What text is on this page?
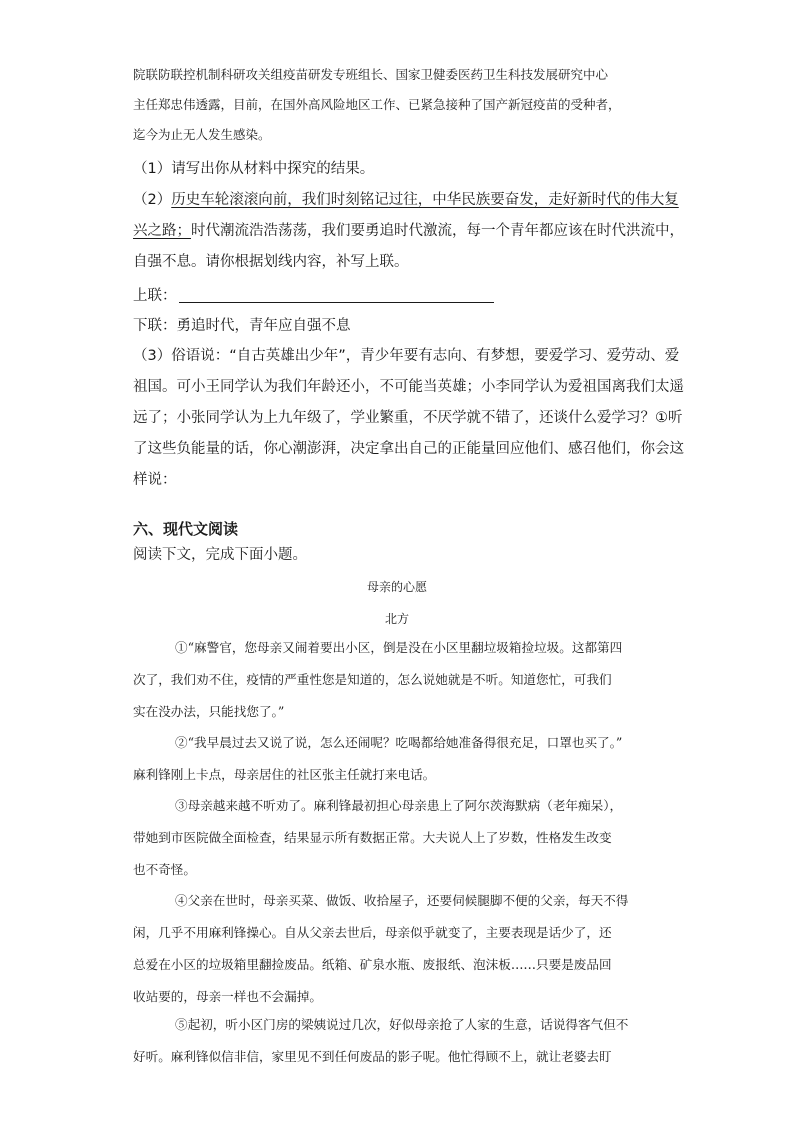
院联防联控机制科研攻关组疫苗研发专班组长、国家卫健委医药卫生科技发展研究中心
主任郑忠伟透露，目前，在国外高风险地区工作、已紧急接种了国产新冠疫苗的受种者，
迄今为止无人发生感染。
（1）请写出你从材料中探究的结果。
（2）历史车轮滚滚向前，我们时刻铭记过往，中华民族要奋发，走好新时代的伟大复
兴之路；时代潮流浩浩荡荡，我们要勇追时代激流，每一个青年都应该在时代洪流中，
自强不息。请你根据划线内容，补写上联。
上联：
下联：勇追时代，青年应自强不息
（3）俗语说：“自古英雄出少年”，青少年要有志向、有梦想，要爱学习、爱劳动、爱
祖国。可小王同学认为我们年龄还小，不可能当英雄；小李同学认为爱祖国离我们太遥
远了；小张同学认为上九年级了，学业繁重，不厌学就不错了，还谈什么爱学习？①听
了这些负能量的话，你心潮澎湃，决定拿出自己的正能量回应他们、感召他们，你会这
样说：
六、现代文阅读
阅读下文，完成下面小题。
母亲的心愿
北方
①“麻警官，您母亲又闹着要出小区，倒是没在小区里翻垃圾箱捡垃圾。这都第四
次了，我们劝不住，疫情的严重性您是知道的，怎么说她就是不听。知道您忙，可我们
实在没办法，只能找您了。”
②“我早晨过去又说了说，怎么还闹呢？吃喝都给她准备得很充足，口罩也买了。”
麻利锋刚上卡点，母亲居住的社区张主任就打来电话。
③母亲越来越不听劝了。麻利锋最初担心母亲患上了阿尔茨海默病（老年痴呆），
带她到市医院做全面检查，结果显示所有数据正常。大夫说人上了岁数，性格发生改变
也不奇怪。
④父亲在世时，母亲买菜、做饭、收拾屋子，还要伺候腿脚不便的父亲，每天不得
闲，几乎不用麻利锋操心。自从父亲去世后，母亲似乎就变了，主要表现是话少了，还
总爱在小区的垃圾箱里翻捡废品。纸箱、矿泉水瓶、废报纸、泡沫板……只要是废品回
收站要的，母亲一样也不会漏掉。
⑤起初，听小区门房的梁姨说过几次，好似母亲抢了人家的生意，话说得客气但不
好听。麻利锋似信非信，家里见不到任何废品的影子呢。他忙得顾不上，就让老婆去盯
